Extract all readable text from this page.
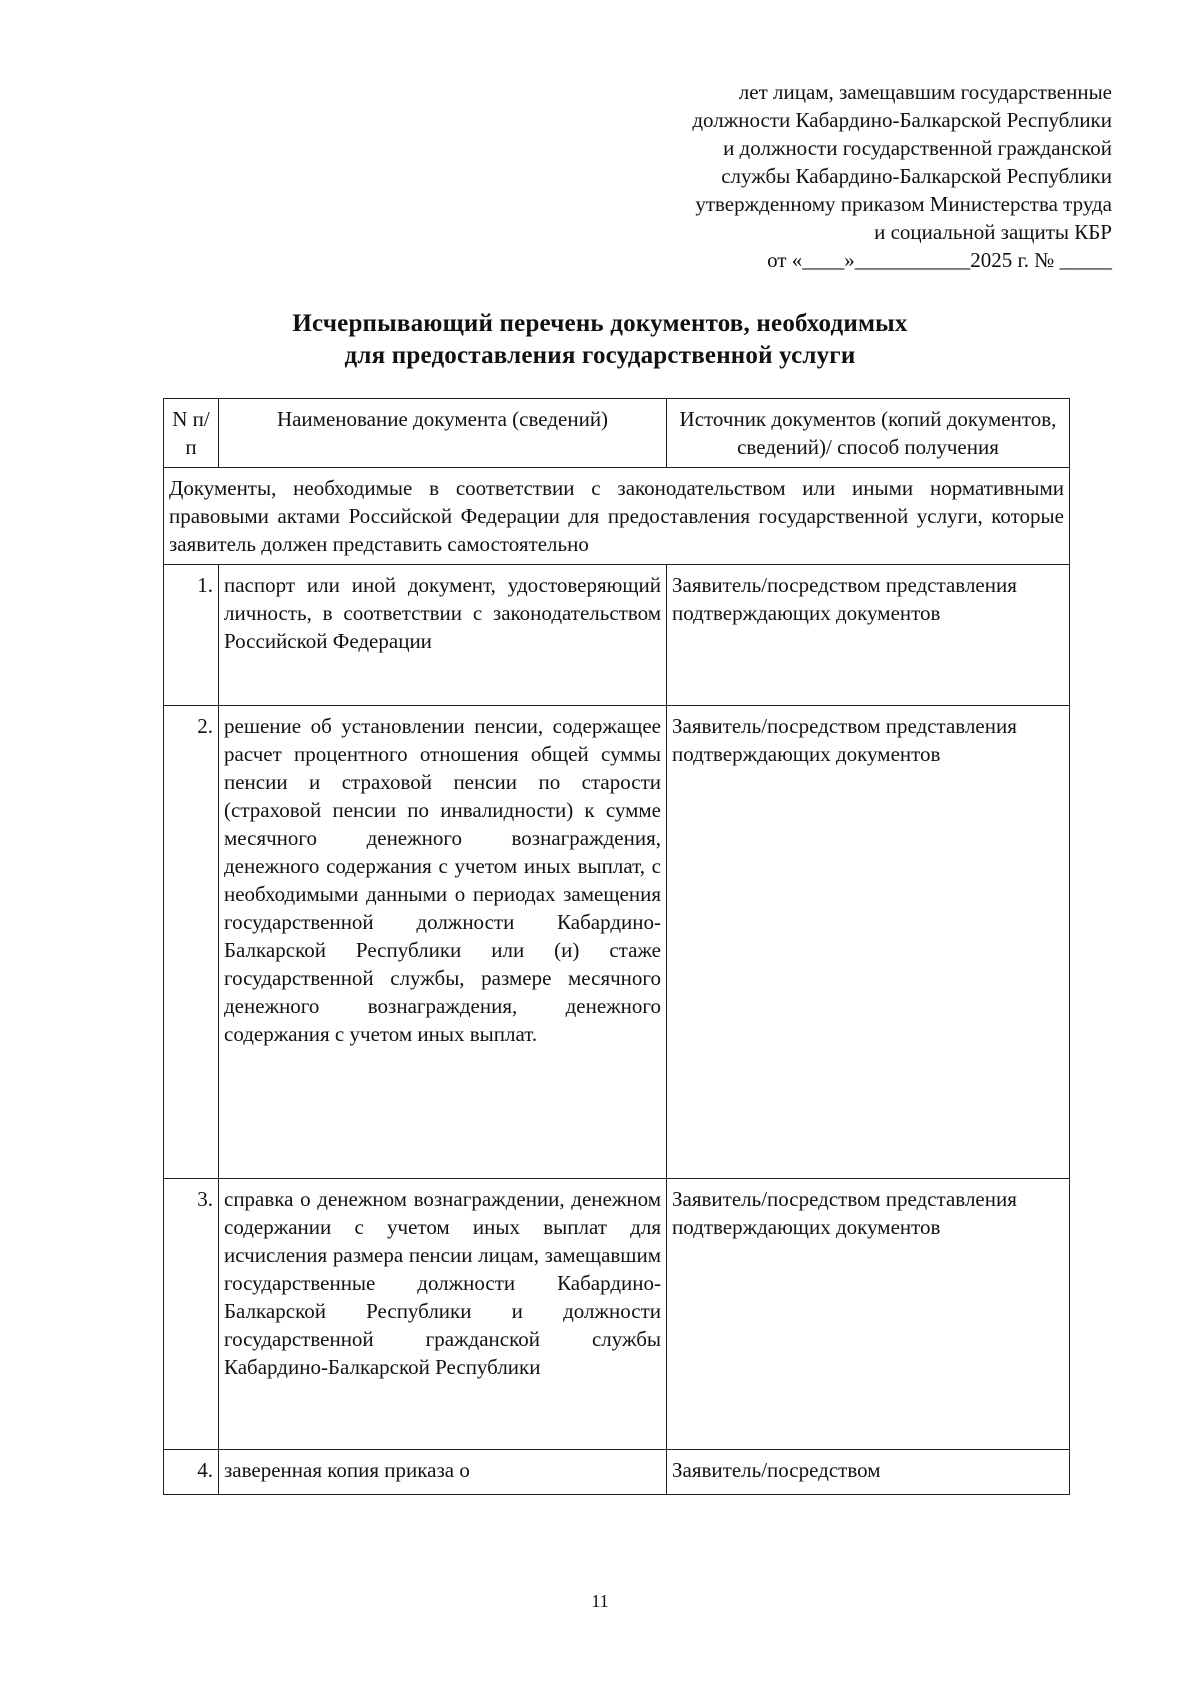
лет лицам, замещавшим государственные
должности Кабардино-Балкарской Республики
и должности государственной гражданской
службы Кабардино-Балкарской Республики
утвержденному приказом Министерства труда
и социальной защиты КБР
от «____»___________2025 г. № _____
Исчерпывающий перечень документов, необходимых
для предоставления государственной услуги
N п/п	Наименование документа (сведений)	Источник документов (копий документов, сведений)/ способ получения
Документы, необходимые в соответствии с законодательством или иными нормативными правовыми актами Российской Федерации для предоставления государственной услуги, которые заявитель должен представить самостоятельно		
1.	паспорт или иной документ, удостоверяющий личность, в соответствии с законодательством Российской Федерации	Заявитель/посредством представления подтверждающих документов
2.	решение об установлении пенсии, содержащее расчет процентного отношения общей суммы пенсии и страховой пенсии по старости (страховой пенсии по инвалидности) к сумме месячного денежного вознаграждения, денежного содержания с учетом иных выплат, с необходимыми данными о периодах замещения государственной должности Кабардино-Балкарской Республики или (и) стаже государственной службы, размере месячного денежного вознаграждения, денежного содержания с учетом иных выплат.	Заявитель/посредством представления подтверждающих документов
3.	справка о денежном вознаграждении, денежном содержании с учетом иных выплат для исчисления размера пенсии лицам, замещавшим государственные должности Кабардино-Балкарской Республики и должности государственной гражданской службы Кабардино-Балкарской Республики	Заявитель/посредством представления подтверждающих документов
4.	заверенная копия приказа о	Заявитель/посредством
11
